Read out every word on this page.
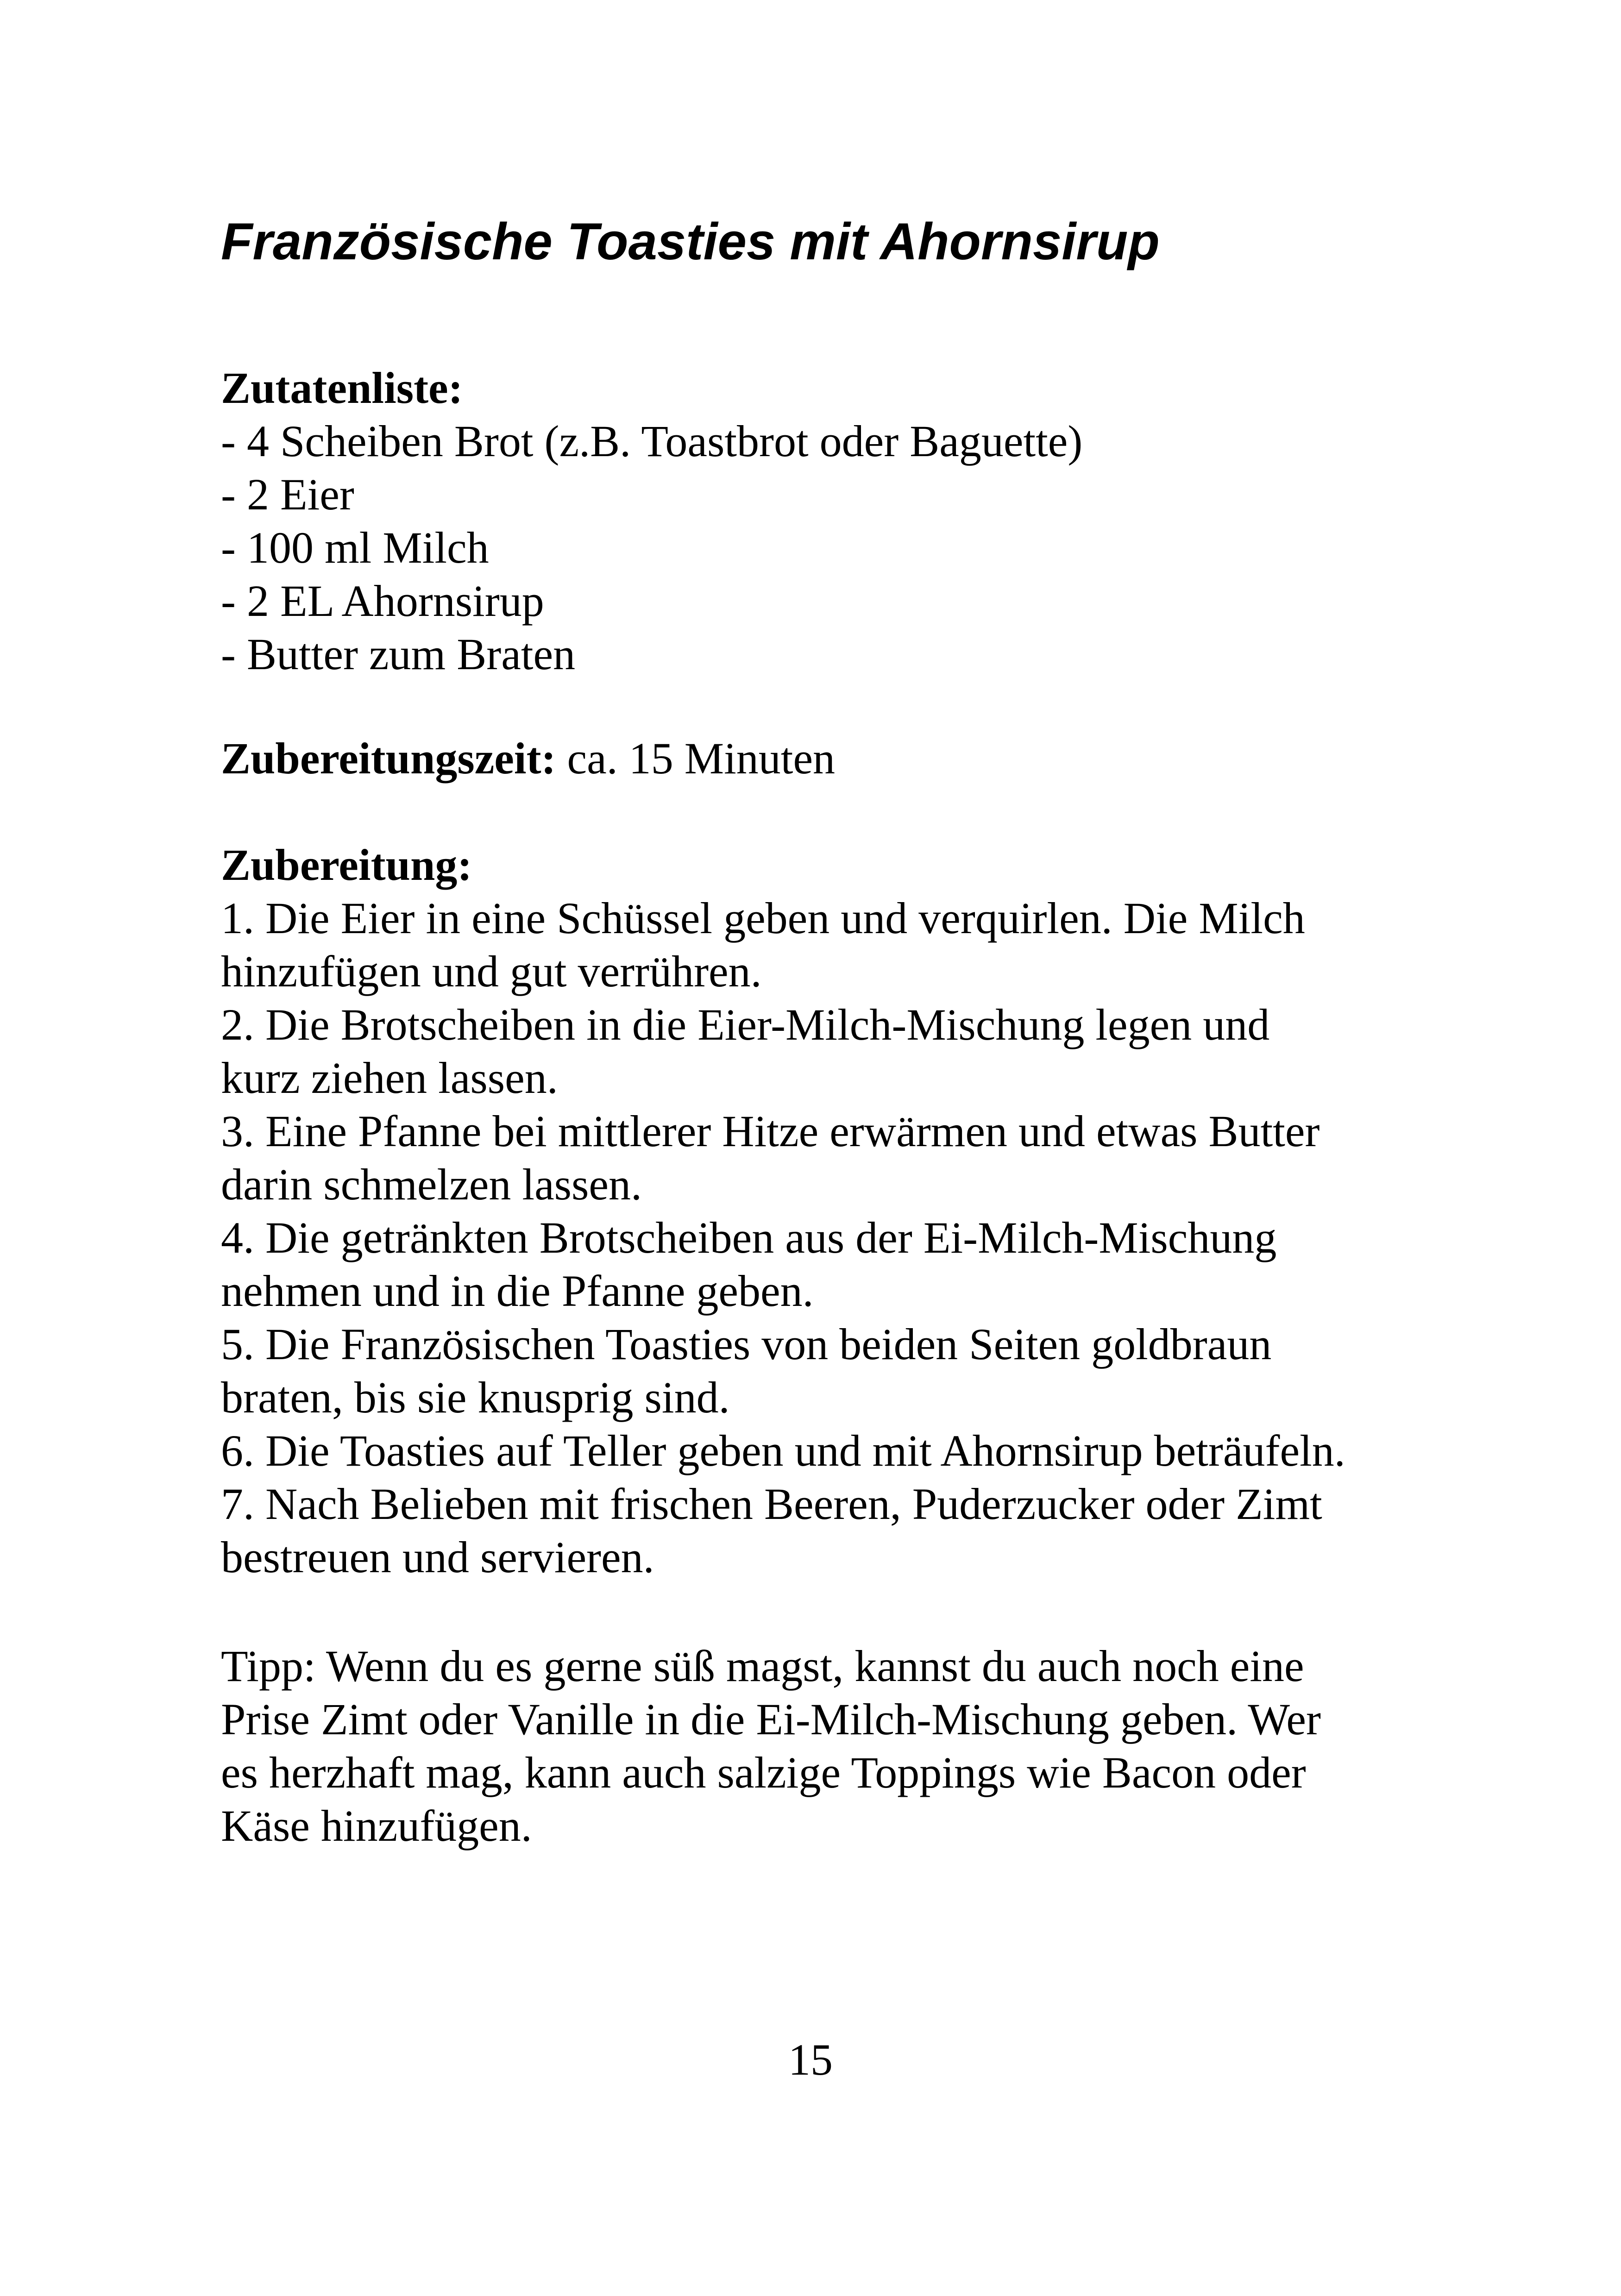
Französische Toasties mit Ahornsirup
Zutatenliste:
- 4 Scheiben Brot (z.B. Toastbrot oder Baguette)
- 2 Eier
- 100 ml Milch
- 2 EL Ahornsirup
- Butter zum Braten
Zubereitungszeit: ca. 15 Minuten
Zubereitung:
1. Die Eier in eine Schüssel geben und verquirlen. Die Milch
hinzufügen und gut verrühren.
2. Die Brotscheiben in die Eier-Milch-Mischung legen und
kurz ziehen lassen.
3. Eine Pfanne bei mittlerer Hitze erwärmen und etwas Butter
darin schmelzen lassen.
4. Die getränkten Brotscheiben aus der Ei-Milch-Mischung
nehmen und in die Pfanne geben.
5. Die Französischen Toasties von beiden Seiten goldbraun
braten, bis sie knusprig sind.
6. Die Toasties auf Teller geben und mit Ahornsirup beträufeln.
7. Nach Belieben mit frischen Beeren, Puderzucker oder Zimt
bestreuen und servieren.
Tipp: Wenn du es gerne süß magst, kannst du auch noch eine
Prise Zimt oder Vanille in die Ei-Milch-Mischung geben. Wer
es herzhaft mag, kann auch salzige Toppings wie Bacon oder
Käse hinzufügen.
15
